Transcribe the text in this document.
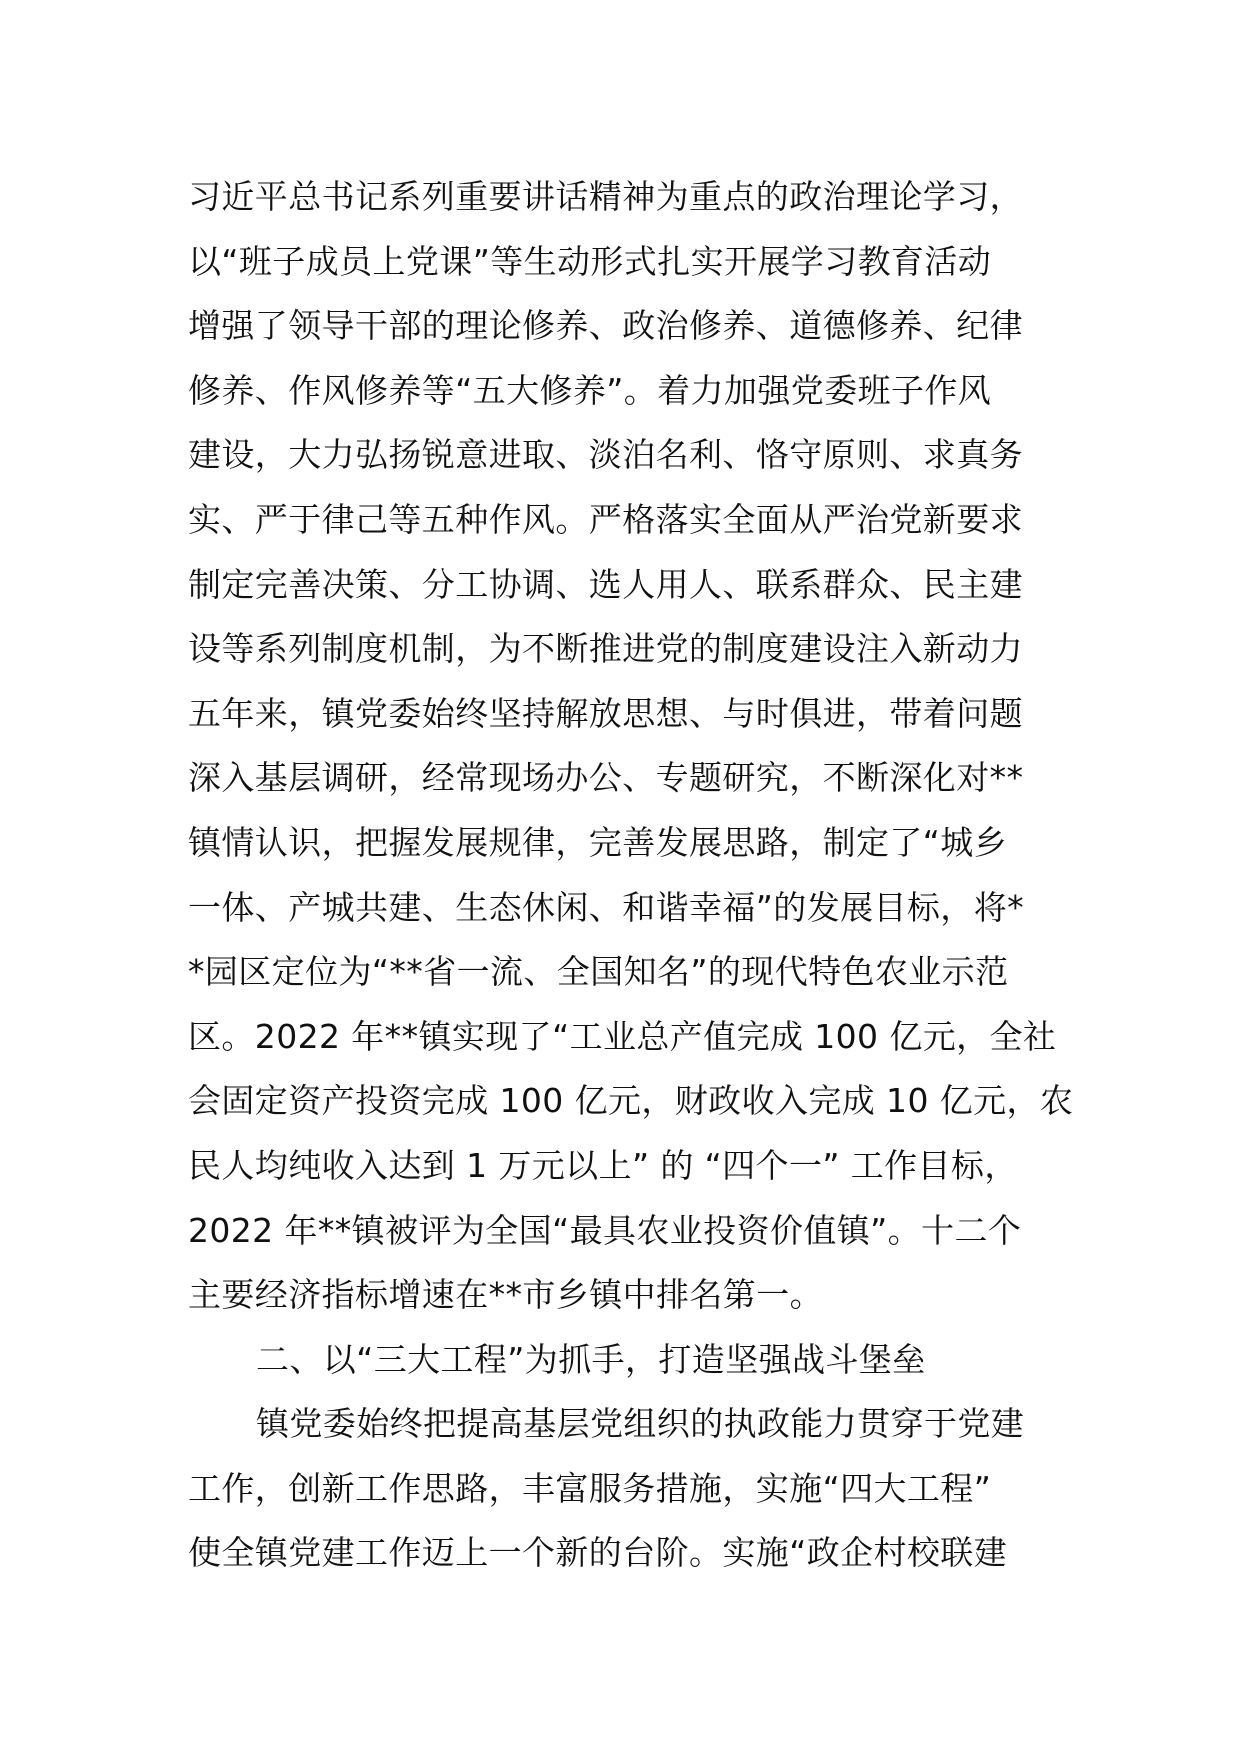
习近平总书记系列重要讲话精神为重点的政治理论学习，
以“班子成员上党课”等生动形式扎实开展学习教育活动
增强了领导干部的理论修养、政治修养、道德修养、纪律
修养、作风修养等“五大修养”。着力加强党委班子作风
建设，大力弘扬锐意进取、淡泊名利、恪守原则、求真务
实、严于律己等五种作风。严格落实全面从严治党新要求
制定完善决策、分工协调、选人用人、联系群众、民主建
设等系列制度机制，为不断推进党的制度建设注入新动力
五年来，镇党委始终坚持解放思想、与时俱进，带着问题
深入基层调研，经常现场办公、专题研究，不断深化对**
镇情认识，把握发展规律，完善发展思路，制定了“城乡
一体、产城共建、生态休闲、和谐幸福”的发展目标，将*
*园区定位为“**省一流、全国知名”的现代特色农业示范
区。2022 年**镇实现了“工业总产值完成 100 亿元，全社
会固定资产投资完成 100 亿元，财政收入完成 10 亿元，农
民人均纯收入达到 1 万元以上” 的 “四个一” 工作目标，
2022 年**镇被评为全国“最具农业投资价值镇”。十二个
主要经济指标增速在**市乡镇中排名第一。
二、以“三大工程”为抓手，打造坚强战斗堡垒
镇党委始终把提高基层党组织的执政能力贯穿于党建
工作，创新工作思路，丰富服务措施，实施“四大工程”
使全镇党建工作迈上一个新的台阶。实施“政企村校联建
